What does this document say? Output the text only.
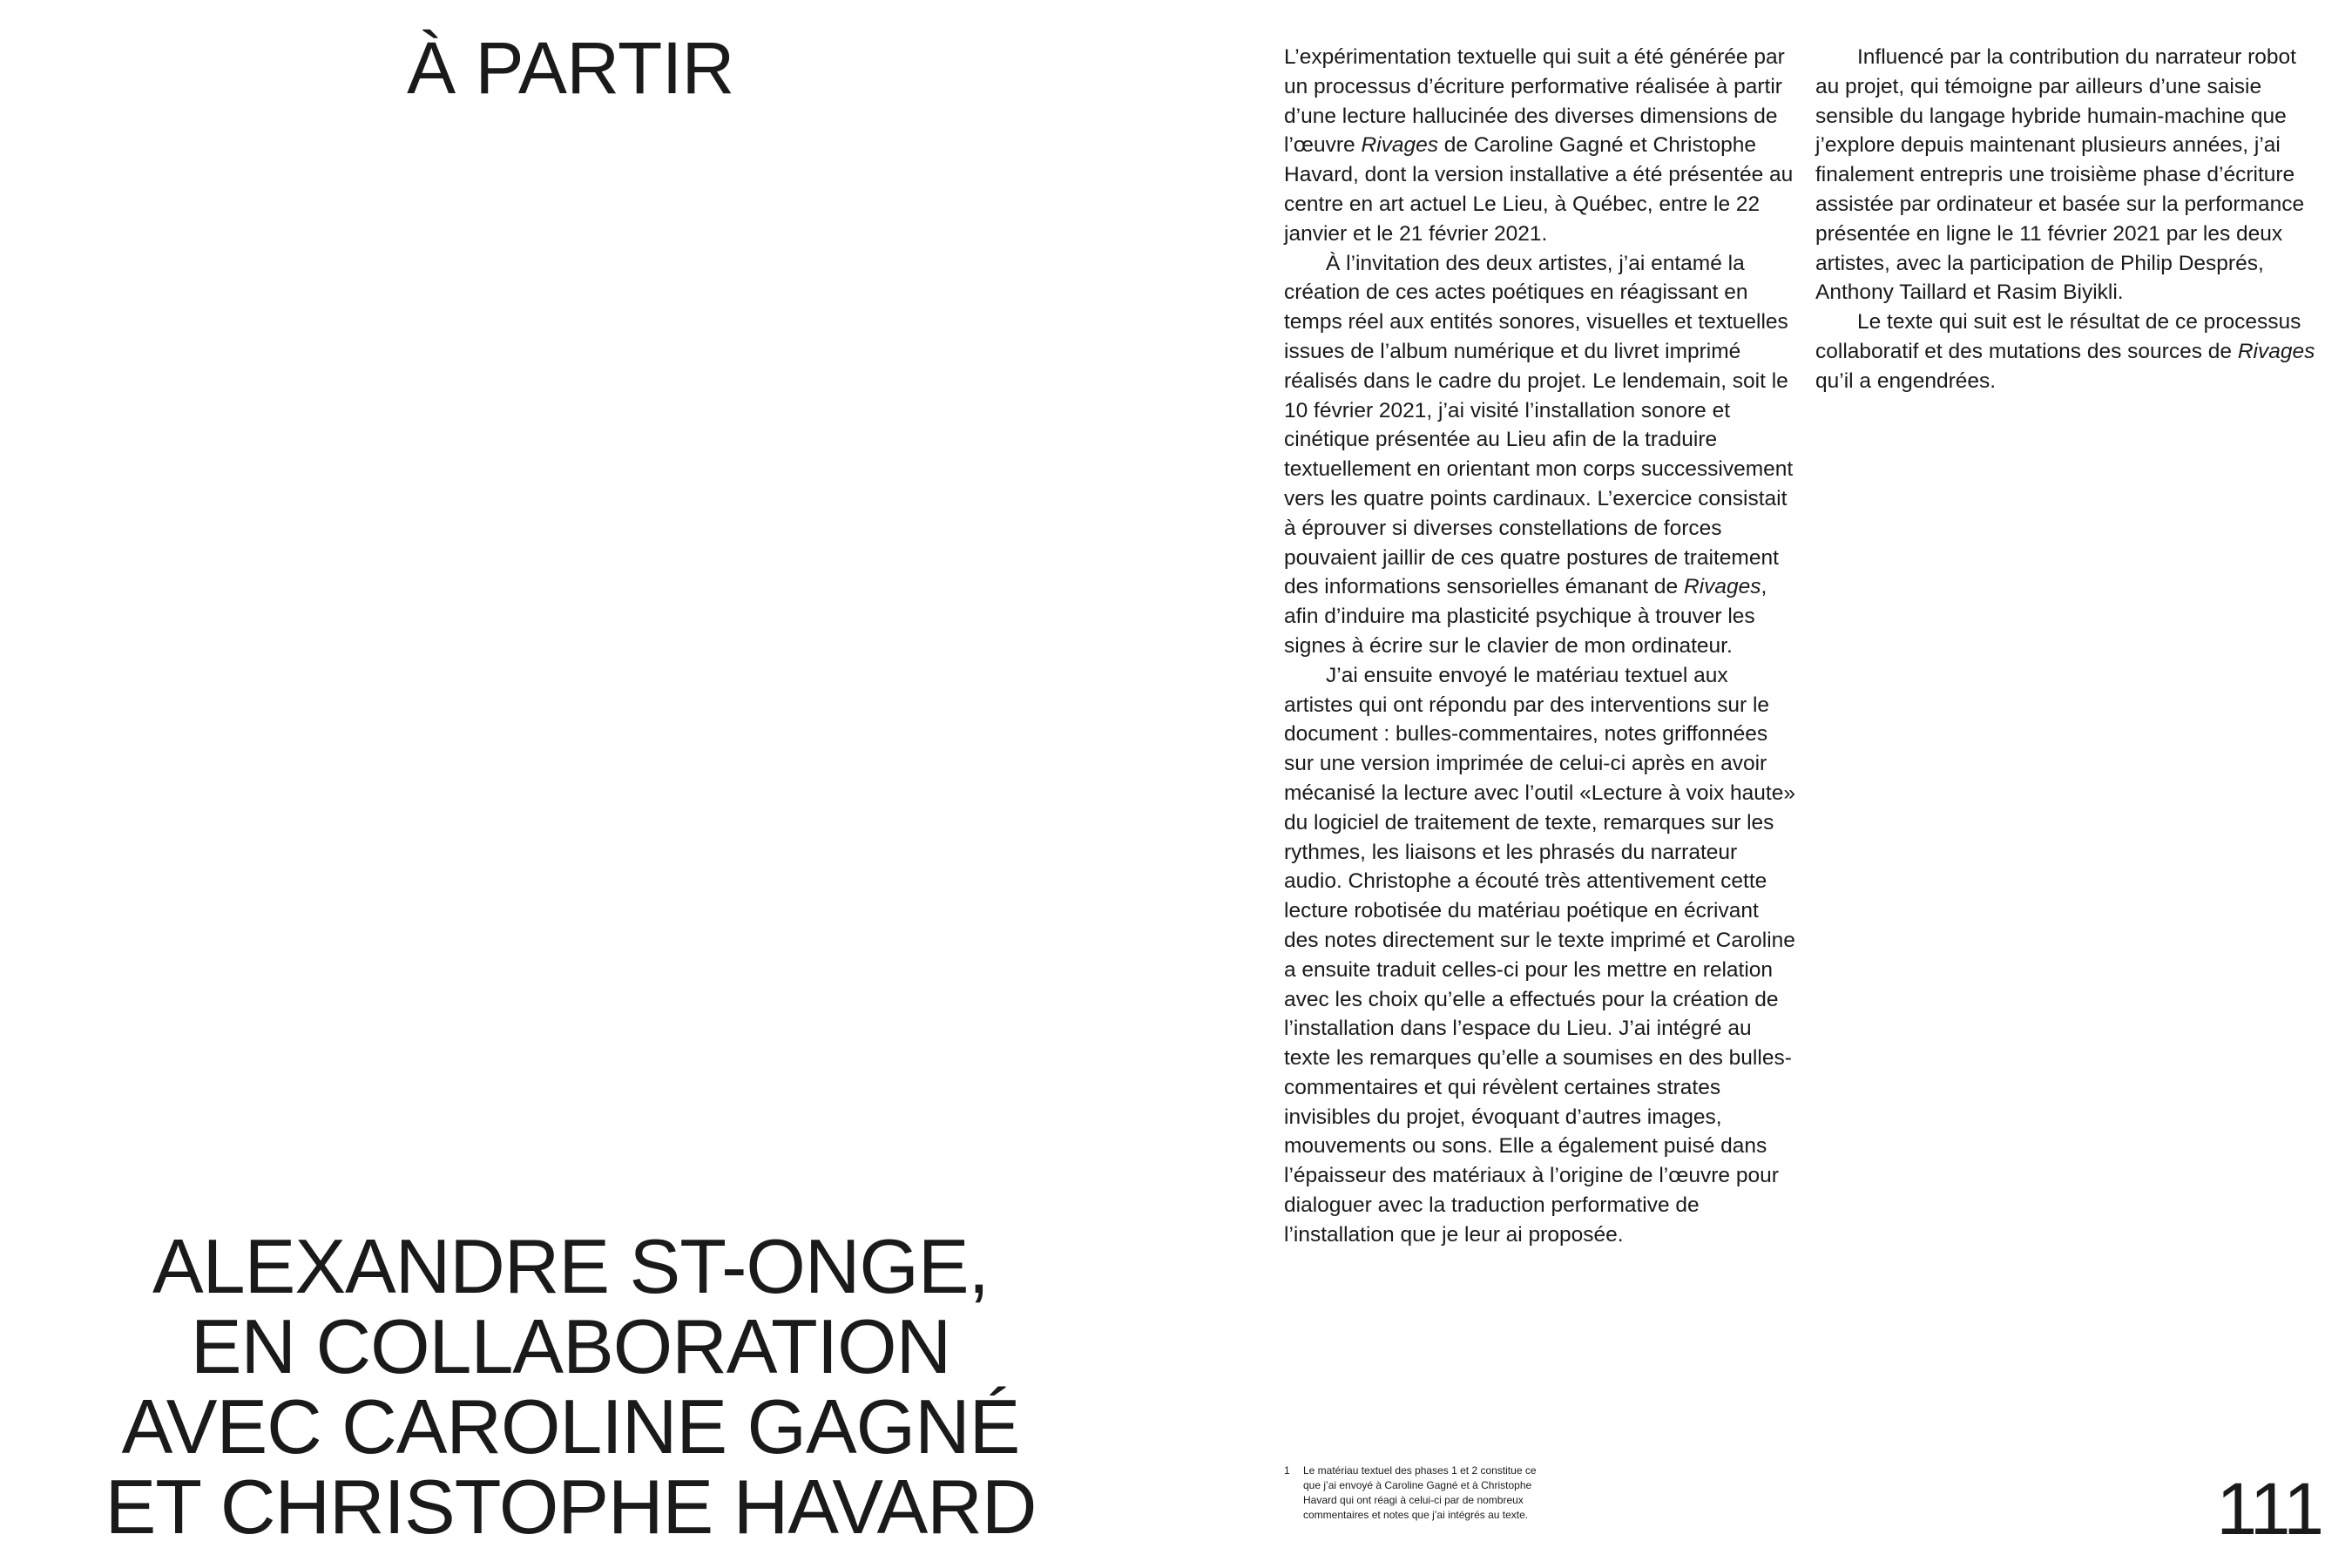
À PARTIR
ALEXANDRE ST-ONGE,
EN COLLABORATION
AVEC CAROLINE GAGNÉ
ET CHRISTOPHE HAVARD

L’expérimentation textuelle qui suit a été générée par un processus d’écriture performative réalisée à partir d’une lecture hallucinée des diverses dimensions de l’œuvre Rivages de Caroline Gagné et Christophe Havard, dont la version installative a été présentée au centre en art actuel Le Lieu, à Québec, entre le 22 janvier et le 21 février 2021.

À l’invitation des deux artistes, j’ai entamé la création de ces actes poétiques en réagissant en temps réel aux entités sonores, visuelles et textuelles issues de l’album numérique et du livret imprimé réalisés dans le cadre du projet. Le lendemain, soit le 10 février 2021, j’ai visité l’installation sonore et cinétique présentée au Lieu afin de la traduire textuellement en orientant mon corps successivement vers les quatre points cardinaux. L’exercice consistait à éprouver si diverses constellations de forces pouvaient jaillir de ces quatre postures de traitement des informations sensorielles émanant de Rivages, afin d’induire ma plasticité psychique à trouver les signes à écrire sur le clavier de mon ordinateur.

J’ai ensuite envoyé le matériau textuel aux artistes qui ont répondu par des interventions sur le document : bulles-commentaires, notes griffonnées sur une version imprimée de celui-ci après en avoir mécanisé la lecture avec l’outil «Lecture à voix haute» du logiciel de traitement de texte, remarques sur les rythmes, les liaisons et les phrasés du narrateur audio. Christophe a écouté très attentivement cette lecture robotisée du matériau poétique en écrivant des notes directement sur le texte imprimé et Caroline a ensuite traduit celles-ci pour les mettre en relation avec les choix qu’elle a effectués pour la création de l’installation dans l’espace du Lieu. J’ai intégré au texte les remarques qu’elle a soumises en des bulles-commentaires et qui révèlent certaines strates invisibles du projet, évoquant d’autres images, mouvements ou sons. Elle a également puisé dans l’épaisseur des matériaux à l’origine de l’œuvre pour dialoguer avec la traduction performative de l’installation que je leur ai proposée.

Influencé par la contribution du narrateur robot au projet, qui témoigne par ailleurs d’une saisie sensible du langage hybride humain-machine que j’explore depuis maintenant plusieurs années, j’ai finalement entrepris une troisième phase d’écriture assistée par ordinateur et basée sur la performance présentée en ligne le 11 février 2021 par les deux artistes, avec la participation de Philip Després, Anthony Taillard et Rasim Biyikli.

Le texte qui suit est le résultat de ce processus collaboratif et des mutations des sources de Rivages qu’il a engendrées.

1 Le matériau textuel des phases 1 et 2 constitue ce que j’ai envoyé à Caroline Gagné et à Christophe Havard qui ont réagi à celui-ci par de nombreux commentaires et notes que j’ai intégrés au texte.	111
